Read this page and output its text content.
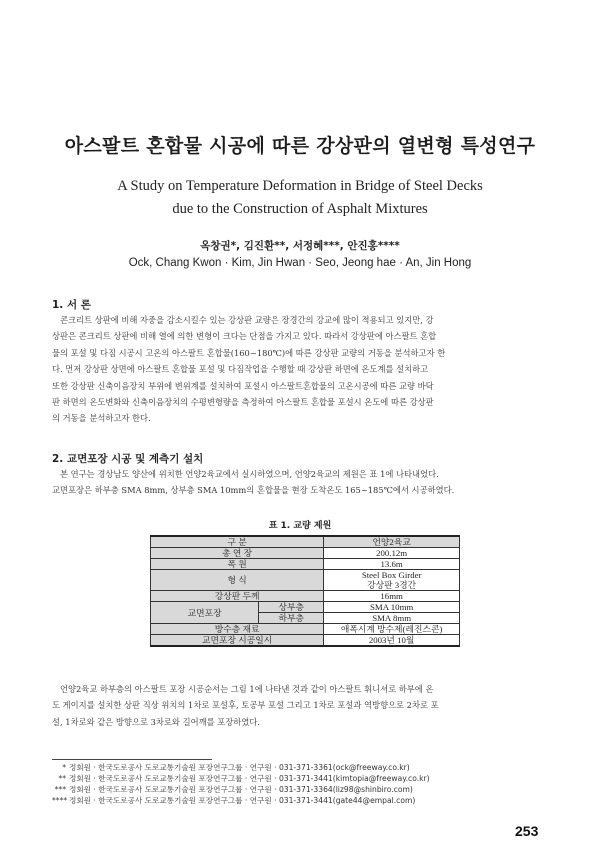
아스팔트 혼합물 시공에 따른 강상판의 열변형 특성연구
A Study on Temperature Deformation in Bridge of Steel Decks
due to the Construction of Asphalt Mixtures
옥창권*, 김진환**, 서정혜***, 안진홍****
Ock, Chang Kwon · Kim, Jin Hwan · Seo, Jeong hae · An, Jin Hong
1. 서 론
콘크리트 상판에 비해 자중을 감소시킬수 있는 강상판 교량은 장경간의 강교에 많이 적용되고 있지만, 강
상판은 콘크리트 상판에 비해 열에 의한 변형이 크다는 단점을 가지고 있다. 따라서 강상판에 아스팔트 혼합
물의 포설 및 다짐 시공시 고온의 아스팔트 혼합물(160~180℃)에 따른 강상판 교량의 거동을 분석하고자 한
다. 먼저 강상판 상면에 아스팔트 혼합물 포설 및 다짐작업을 수행할 때 강상판 하면에 온도계를 설치하고
또한 강상판 신축이음장치 부위에 변위계를 설치하여 포설시 아스팔트혼합물의 고온시공에 따른 교량 바닥
판 하면의 온도변화와 신축이음장치의 수평변형량을 측정하여 아스팔트 혼합물 포설시 온도에 따른 강상판
의 거동을 분석하고자 한다.
2. 교면포장 시공 및 계측기 설치
본 연구는 경상남도 양산에 위치한 언양2육교에서 실시하였으며, 언양2육교의 제원은 표 1에 나타내었다.
교면포장은 하부층 SMA 8mm, 상부층 SMA 10mm의 혼합물을 현장 도착온도 165~185℃에서 시공하였다.
표 1. 교량 제원
구 분		언양2육교
총 연 장		200.12m
폭 원		13.6m
형 식		Steel Box Girder
		강상판 3경간
강상판 두께		16mm
교면포장	상부층	SMA 10mm
	하부층	SMA 8mm
방수층 재료		애폭시계 방수제(레진스콘)
교면포장 시공일시		2003년 10월
언양2육교 하부층의 아스팔트 포장 시공순서는 그림 1에 나타낸 것과 같이 아스팔트 휘니셔로 하부에 온
도 게이지를 설치한 상판 직상 위치의 1차로 포설후, 토공부 포설 그리고 1차로 포설과 역방향으로 2차로 포
설, 1차로와 같은 방향으로 3차로와 길어깨를 포장하였다.
* 정회원 · 한국도로공사 도로교통기술원 포장연구그룹 · 연구원 · 031-371-3361(ock@freeway.co.kr)
** 정회원 · 한국도로공사 도로교통기술원 포장연구그룹 · 연구원 · 031-371-3441(kimtopia@freeway.co.kr)
*** 정회원 · 한국도로공사 도로교통기술원 포장연구그룹 · 연구원 · 031-371-3364(liz98@shinbiro.com)
**** 정회원 · 한국도로공사 도로교통기술원 포장연구그룹 · 연구원 · 031-371-3441(gate44@empal.com)
253
